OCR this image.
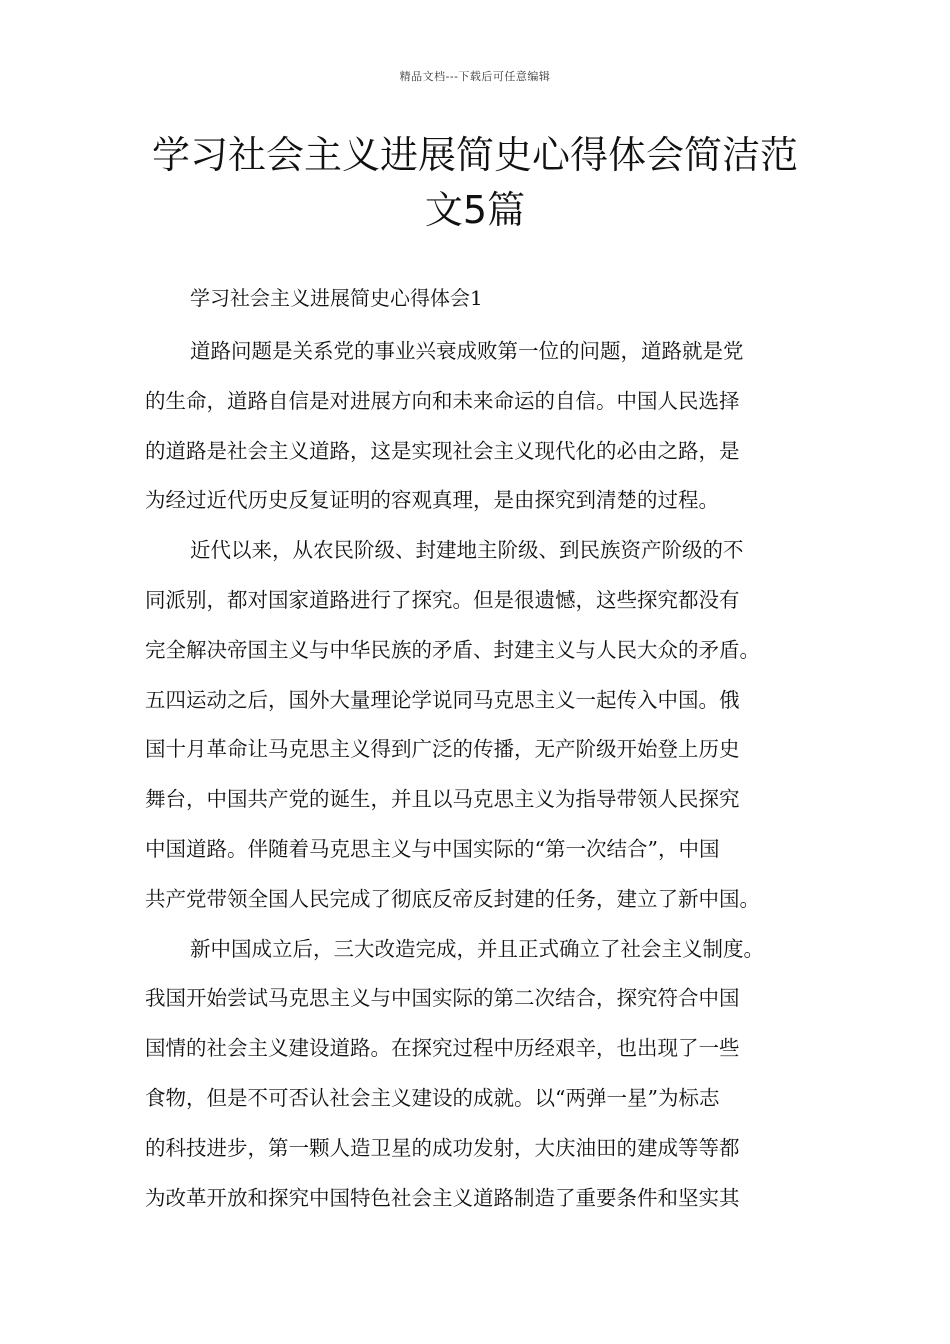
精品文档---下载后可任意编辑
学习社会主义进展简史心得体会简洁范
文5篇
学习社会主义进展简史心得体会1

道路问题是关系党的事业兴衰成败第一位的问题，道路就是党
的生命，道路自信是对进展方向和未来命运的自信。中国人民选择
的道路是社会主义道路，这是实现社会主义现代化的必由之路，是
为经过近代历史反复证明的容观真理，是由探究到清楚的过程。

近代以来，从农民阶级、封建地主阶级、到民族资产阶级的不
同派别，都对国家道路进行了探究。但是很遗憾，这些探究都没有
完全解决帝国主义与中华民族的矛盾、封建主义与人民大众的矛盾。
五四运动之后，国外大量理论学说同马克思主义一起传入中国。俄
国十月革命让马克思主义得到广泛的传播，无产阶级开始登上历史
舞台，中国共产党的诞生，并且以马克思主义为指导带领人民探究
中国道路。伴随着马克思主义与中国实际的“第一次结合”，中国
共产党带领全国人民完成了彻底反帝反封建的任务，建立了新中国。

新中国成立后，三大改造完成，并且正式确立了社会主义制度。
我国开始尝试马克思主义与中国实际的第二次结合，探究符合中国
国情的社会主义建设道路。在探究过程中历经艰辛，也出现了一些
食物，但是不可否认社会主义建设的成就。以“两弹一星”为标志
的科技进步，第一颗人造卫星的成功发射，大庆油田的建成等等都
为改革开放和探究中国特色社会主义道路制造了重要条件和坚实其
